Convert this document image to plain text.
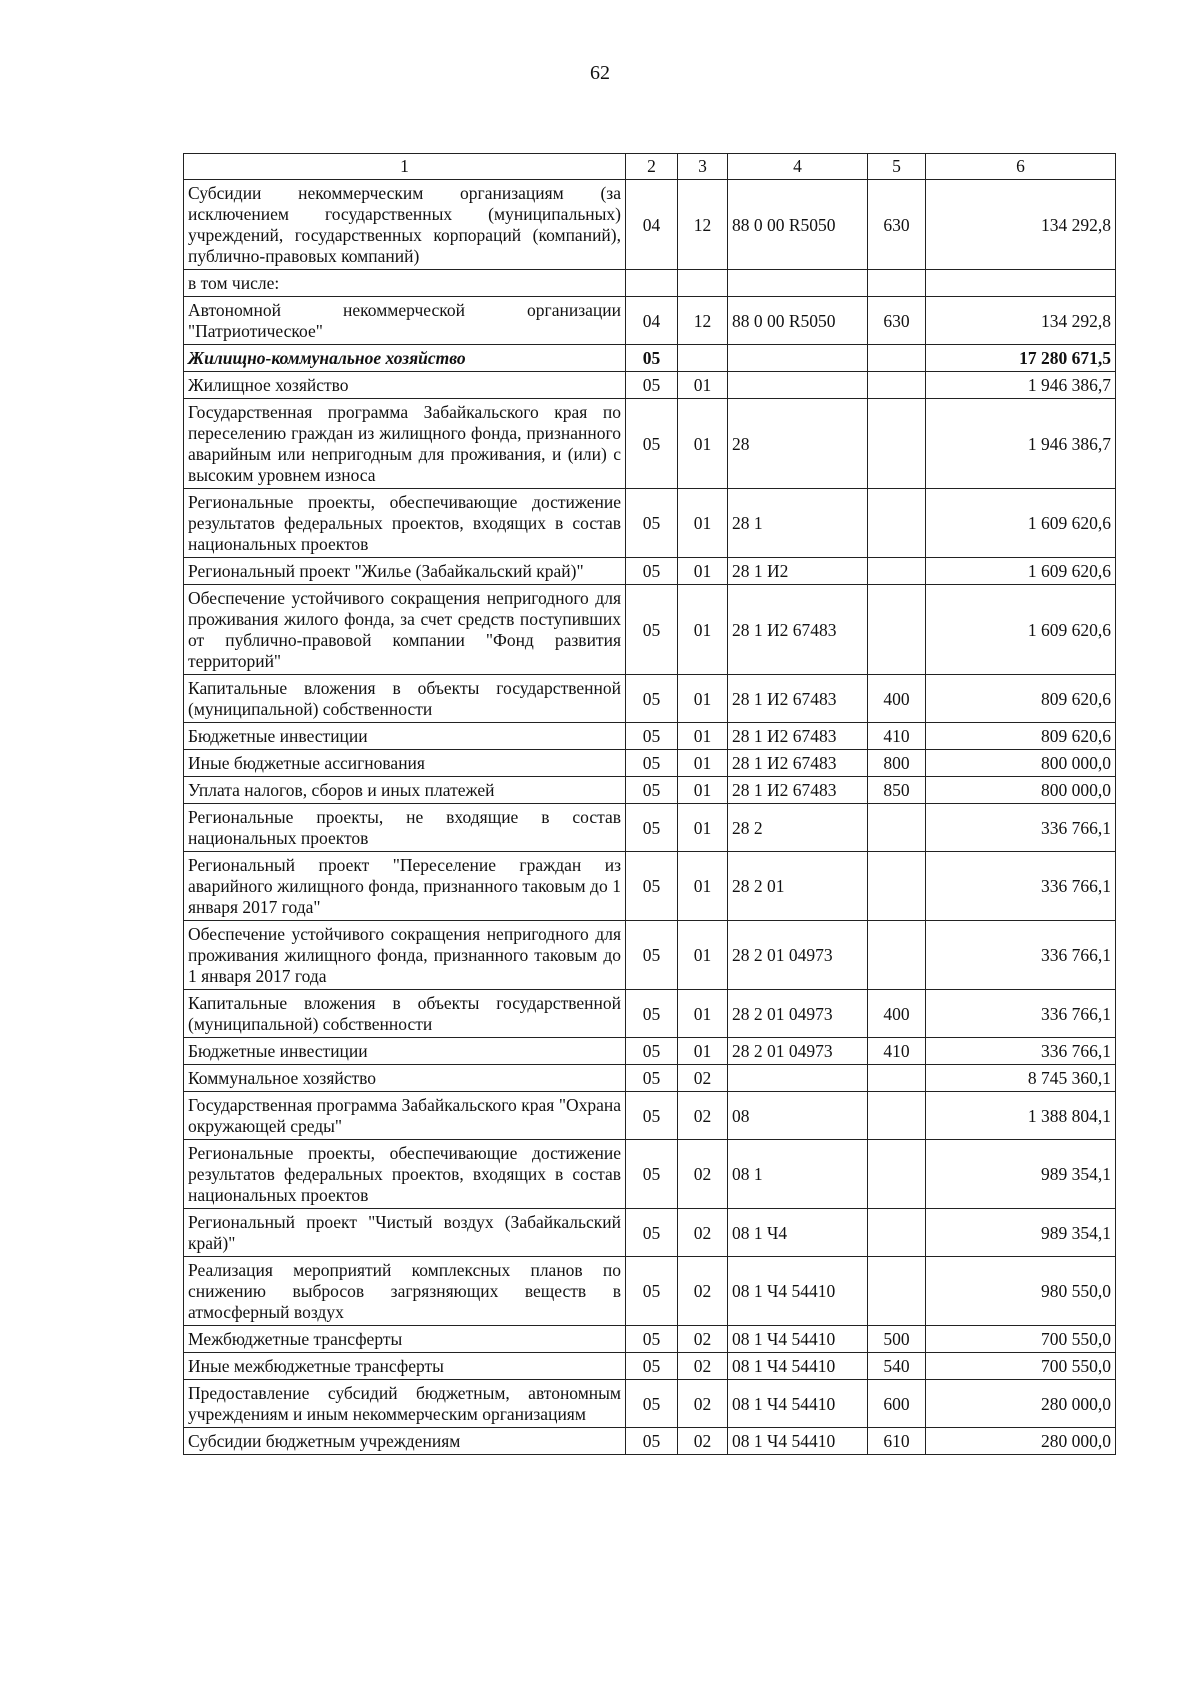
62
1	2	3	4	5	6
Субсидии некоммерческим организациям (за исключением государственных (муниципальных) учреждений, государственных корпораций (компаний), публично-правовых компаний)	04	12	88 0 00 R5050	630	134 292,8
в том числе:					
Автономной некоммерческой организации "Патриотическое"	04	12	88 0 00 R5050	630	134 292,8
Жилищно-коммунальное хозяйство	05				17 280 671,5
Жилищное хозяйство	05	01			1 946 386,7
Государственная программа Забайкальского края по переселению граждан из жилищного фонда, признанного аварийным или непригодным для проживания, и (или) с высоким уровнем износа	05	01	28		1 946 386,7
Региональные проекты, обеспечивающие достижение результатов федеральных проектов, входящих в состав национальных проектов	05	01	28 1		1 609 620,6
Региональный проект "Жилье (Забайкальский край)"	05	01	28 1 И2		1 609 620,6
Обеспечение устойчивого сокращения непригодного для проживания жилого фонда, за счет средств поступивших от публично-правовой компании "Фонд развития территорий"	05	01	28 1 И2 67483		1 609 620,6
Капитальные вложения в объекты государственной (муниципальной) собственности	05	01	28 1 И2 67483	400	809 620,6
Бюджетные инвестиции	05	01	28 1 И2 67483	410	809 620,6
Иные бюджетные ассигнования	05	01	28 1 И2 67483	800	800 000,0
Уплата налогов, сборов и иных платежей	05	01	28 1 И2 67483	850	800 000,0
Региональные проекты, не входящие в состав национальных проектов	05	01	28 2		336 766,1
Региональный проект "Переселение граждан из аварийного жилищного фонда, признанного таковым до 1 января 2017 года"	05	01	28 2 01		336 766,1
Обеспечение устойчивого сокращения непригодного для проживания жилищного фонда, признанного таковым до 1 января 2017 года	05	01	28 2 01 04973		336 766,1
Капитальные вложения в объекты государственной (муниципальной) собственности	05	01	28 2 01 04973	400	336 766,1
Бюджетные инвестиции	05	01	28 2 01 04973	410	336 766,1
Коммунальное хозяйство	05	02			8 745 360,1
Государственная программа Забайкальского края "Охрана окружающей среды"	05	02	08		1 388 804,1
Региональные проекты, обеспечивающие достижение результатов федеральных проектов, входящих в состав национальных проектов	05	02	08 1		989 354,1
Региональный проект "Чистый воздух (Забайкальский край)"	05	02	08 1 Ч4		989 354,1
Реализация мероприятий комплексных планов по снижению выбросов загрязняющих веществ в атмосферный воздух	05	02	08 1 Ч4 54410		980 550,0
Межбюджетные трансферты	05	02	08 1 Ч4 54410	500	700 550,0
Иные межбюджетные трансферты	05	02	08 1 Ч4 54410	540	700 550,0
Предоставление субсидий бюджетным, автономным учреждениям и иным некоммерческим организациям	05	02	08 1 Ч4 54410	600	280 000,0
Субсидии бюджетным учреждениям	05	02	08 1 Ч4 54410	610	280 000,0
